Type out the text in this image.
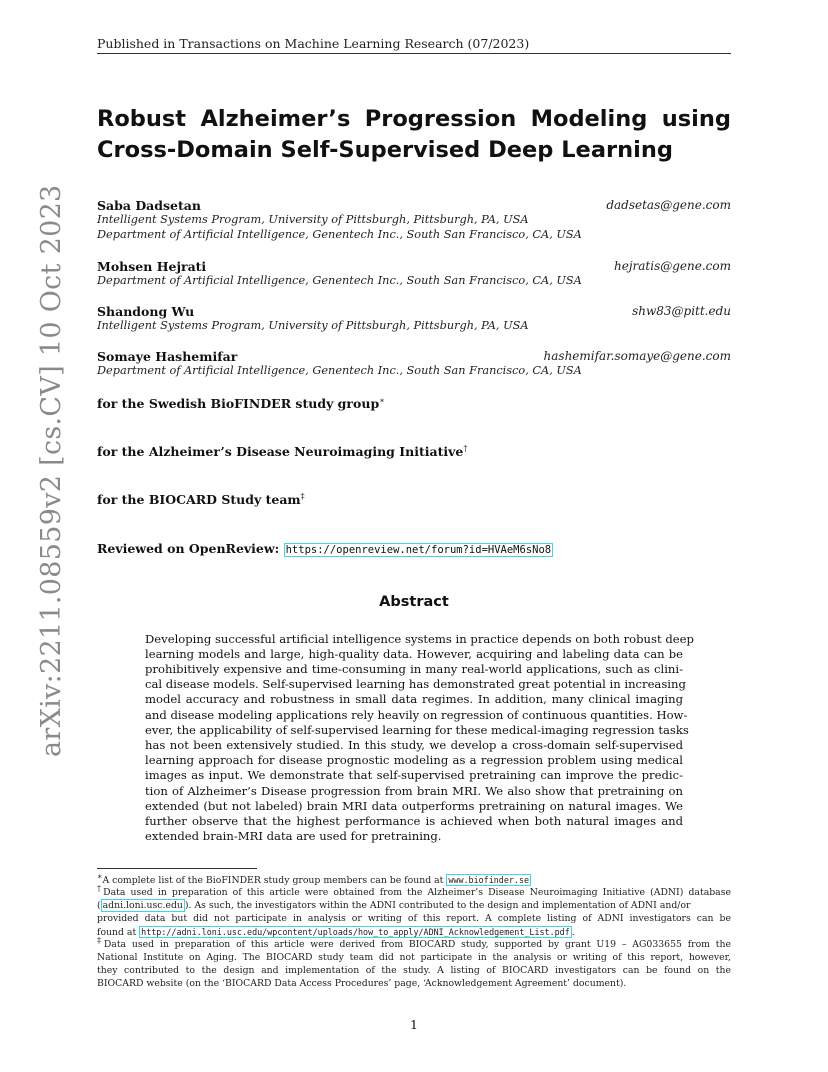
Published in Transactions on Machine Learning Research (07/2023)
Robust Alzheimer’s Progression Modeling using Cross-Domain Self-Supervised Deep Learning
Saba Dadsetan	dadsetas@gene.com
Intelligent Systems Program, University of Pittsburgh, Pittsburgh, PA, USA
Department of Artificial Intelligence, Genentech Inc., South San Francisco, CA, USA
Mohsen Hejrati	hejratis@gene.com
Department of Artificial Intelligence, Genentech Inc., South San Francisco, CA, USA
Shandong Wu	shw83@pitt.edu
Intelligent Systems Program, University of Pittsburgh, Pittsburgh, PA, USA
Somaye Hashemifar	hashemifar.somaye@gene.com
Department of Artificial Intelligence, Genentech Inc., South San Francisco, CA, USA
for the Swedish BioFINDER study group∗
for the Alzheimer’s Disease Neuroimaging Initiative†
for the BIOCARD Study team‡
Reviewed on OpenReview: https://openreview.net/forum?id=HVAeM6sNo8
Abstract
Developing successful artificial intelligence systems in practice depends on both robust deep
learning models and large, high-quality data. However, acquiring and labeling data can be
prohibitively expensive and time-consuming in many real-world applications, such as clini-
cal disease models. Self-supervised learning has demonstrated great potential in increasing
model accuracy and robustness in small data regimes. In addition, many clinical imaging
and disease modeling applications rely heavily on regression of continuous quantities. How-
ever, the applicability of self-supervised learning for these medical-imaging regression tasks
has not been extensively studied. In this study, we develop a cross-domain self-supervised
learning approach for disease prognostic modeling as a regression problem using medical
images as input. We demonstrate that self-supervised pretraining can improve the predic-
tion of Alzheimer’s Disease progression from brain MRI. We also show that pretraining on
extended (but not labeled) brain MRI data outperforms pretraining on natural images. We
further observe that the highest performance is achieved when both natural images and
extended brain-MRI data are used for pretraining.
∗A complete list of the BioFINDER study group members can be found at www.biofinder.se
†Data used in preparation of this article were obtained from the Alzheimer’s Disease Neuroimaging Initiative (ADNI) database
( adni.loni.usc.edu ). As such, the investigators within the ADNI contributed to the design and implementation of ADNI and/or
provided data but did not participate in analysis or writing of this report. A complete listing of ADNI investigators can be
found at http://adni.loni.usc.edu/wpcontent/uploads/how_to_apply/ADNI_Acknowledgement_List.pdf .
‡Data used in preparation of this article were derived from BIOCARD study, supported by grant U19 – AG033655 from the
National Institute on Aging. The BIOCARD study team did not participate in the analysis or writing of this report, however,
they contributed to the design and implementation of the study. A listing of BIOCARD investigators can be found on the
BIOCARD website (on the ‘BIOCARD Data Access Procedures’ page, ‘Acknowledgement Agreement’ document).
arXiv:2211.08559v2 [cs.CV] 10 Oct 2023
1
